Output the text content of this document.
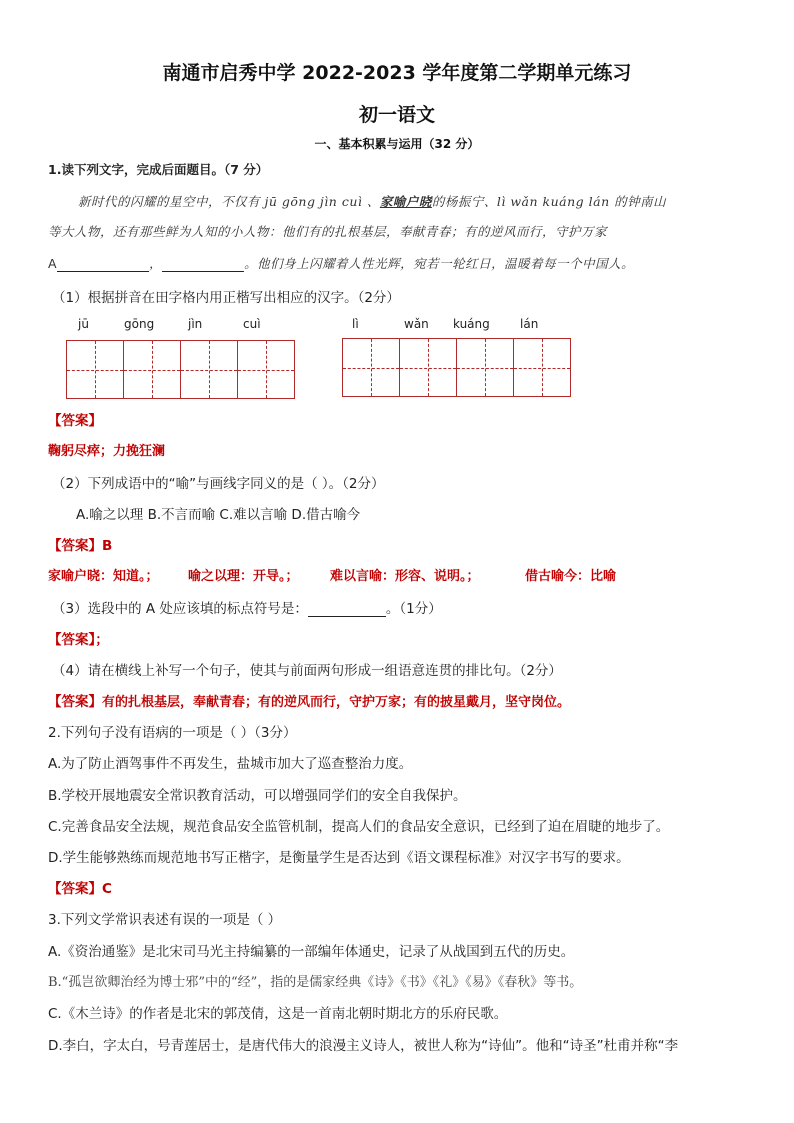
南通市启秀中学 2022-2023 学年度第二学期单元练习
初一语文
一、基本积累与运用（32 分）
1.读下列文字，完成后面题目。（7 分）
新时代的闪耀的星空中，不仅有 jū gōng jìn cuì 、家喻户晓的杨振宁、lì wǎn kuáng lán 的钟南山
等大人物，还有那些鲜为人知的小人物：他们有的扎根基层，奉献青春；有的逆风而行，守护万家
A	，	。他们身上闪耀着人性光辉，宛若一轮红日，温暖着每一个中国人。
（1）根据拼音在田字格内用正楷写出相应的汉字。（2分）
jū	gōng	jìn	cuì	lì	wǎn kuáng	lán
【答案】
鞠躬尽瘁；力挽狂澜
（2）下列成语中的“喻”与画线字同义的是（ ）。（2分）
A.喻之以理 B.不言而喻 C.难以言喻 D.借古喻今
【答案】B
家喻户晓：知道。； 喻之以理：开导。； 难以言喻：形容、说明。；	借古喻今：比喻
（3）选段中的 A 处应该填的标点符号是：	。（1分）
【答案】；
（4）请在横线上补写一个句子，使其与前面两句形成一组语意连贯的排比句。（2分）
【答案】有的扎根基层，奉献青春；有的逆风而行，守护万家；有的披星戴月，坚守岗位。
2.下列句子没有语病的一项是（ ）（3分）
A.为了防止酒驾事件不再发生，盐城市加大了巡查整治力度。
B.学校开展地震安全常识教育活动，可以增强同学们的安全自我保护。
C.完善食品安全法规，规范食品安全监管机制，提高人们的食品安全意识，已经到了迫在眉睫的地步了。
D.学生能够熟练而规范地书写正楷字，是衡量学生是否达到《语文课程标准》对汉字书写的要求。
【答案】C
3.下列文学常识表述有误的一项是（ ）
A.《资治通鉴》是北宋司马光主持编纂的一部编年体通史，记录了从战国到五代的历史。
B.“孤岂欲卿治经为博士邪”中的“经”，指的是儒家经典《诗》《书》《礼》《易》《春秋》等书。
C.《木兰诗》的作者是北宋的郭茂倩，这是一首南北朝时期北方的乐府民歌。
D.李白，字太白，号青莲居士，是唐代伟大的浪漫主义诗人，被世人称为“诗仙”。他和“诗圣”杜甫并称“李
